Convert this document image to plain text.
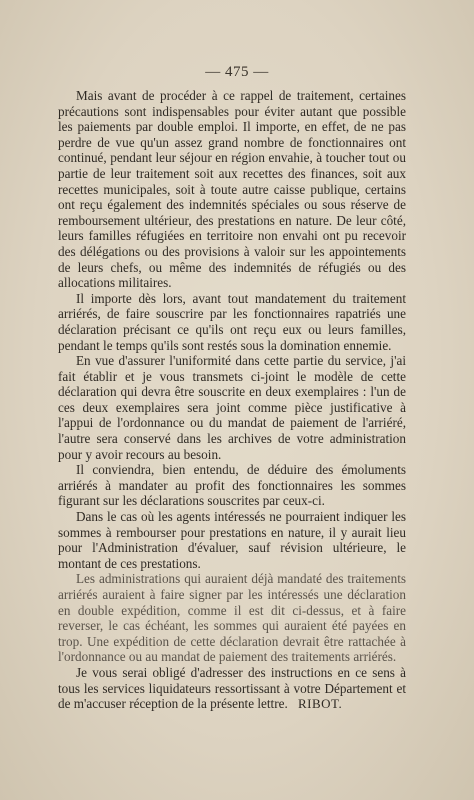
— 475 —

Mais avant de procéder à ce rappel de traitement, certaines précautions sont indispensables pour éviter autant que possible les paiements par double emploi. Il importe, en effet, de ne pas perdre de vue qu'un assez grand nombre de fonctionnaires ont continué, pendant leur séjour en région envahie, à toucher tout ou partie de leur traitement soit aux recettes des finances, soit aux recettes municipales, soit à toute autre caisse publique, certains ont reçu également des indemnités spéciales ou sous réserve de remboursement ultérieur, des prestations en nature. De leur côté, leurs familles réfugiées en territoire non envahi ont pu recevoir des délégations ou des provisions à valoir sur les appointements de leurs chefs, ou même des indemnités de réfugiés ou des allocations militaires.

Il importe dès lors, avant tout mandatement du traitement arriérés, de faire souscrire par les fonctionnaires rapatriés une déclaration précisant ce qu'ils ont reçu eux ou leurs familles, pendant le temps qu'ils sont restés sous la domination ennemie.

En vue d'assurer l'uniformité dans cette partie du service, j'ai fait établir et je vous transmets ci-joint le modèle de cette déclaration qui devra être souscrite en deux exemplaires : l'un de ces deux exemplaires sera joint comme pièce justificative à l'appui de l'ordonnance ou du mandat de paiement de l'arriéré, l'autre sera conservé dans les archives de votre administration pour y avoir recours au besoin.

Il conviendra, bien entendu, de déduire des émoluments arriérés à mandater au profit des fonctionnaires les sommes figurant sur les déclarations souscrites par ceux-ci.

Dans le cas où les agents intéressés ne pourraient indiquer les sommes à rembourser pour prestations en nature, il y aurait lieu pour l'Administration d'évaluer, sauf révision ultérieure, le montant de ces prestations.

Les administrations qui auraient déjà mandaté des traitements arriérés auraient à faire signer par les intéressés une déclaration en double expédition, comme il est dit ci-dessus, et à faire reverser, le cas échéant, les sommes qui auraient été payées en trop. Une expédition de cette déclaration devrait être rattachée à l'ordonnance ou au mandat de paiement des traitements arriérés.

Je vous serai obligé d'adresser des instructions en ce sens à tous les services liquidateurs ressortissant à votre Département et de m'accuser réception de la présente lettre. RIBOT.
